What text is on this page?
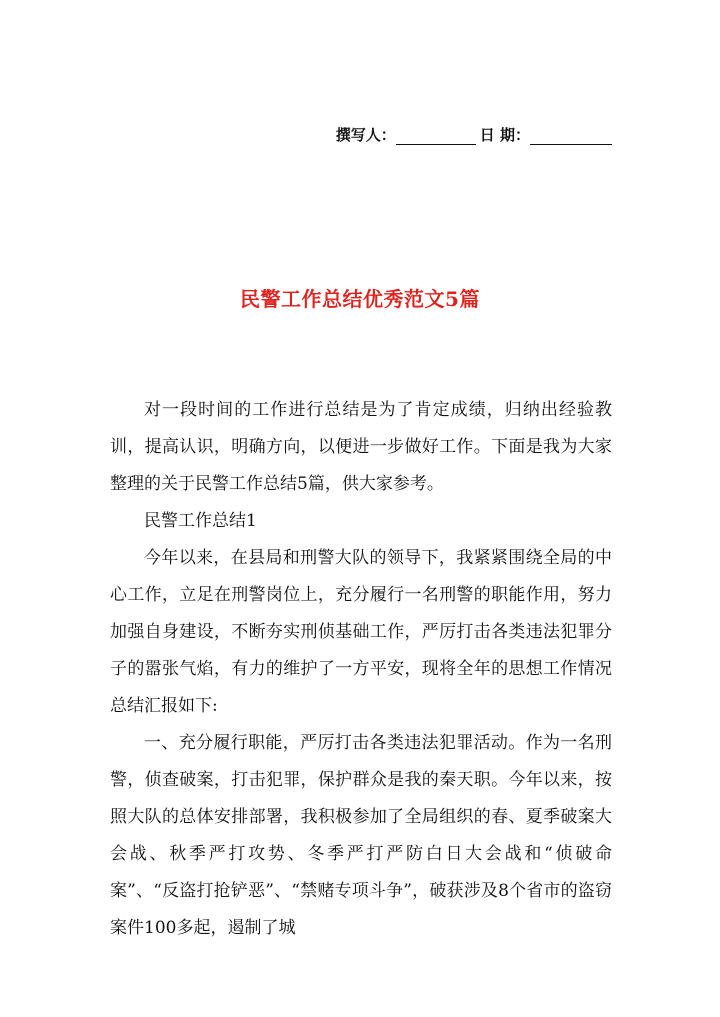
撰写人：	日 期：
民警工作总结优秀范文5篇

对一段时间的工作进行总结是为了肯定成绩，归纳出经验教训，提高认识，明确方向，以便进一步做好工作。下面是我为大家整理的关于民警工作总结5篇，供大家参考。

民警工作总结1

今年以来，在县局和刑警大队的领导下，我紧紧围绕全局的中心工作，立足在刑警岗位上，充分履行一名刑警的职能作用，努力加强自身建设，不断夯实刑侦基础工作，严厉打击各类违法犯罪分子的嚣张气焰，有力的维护了一方平安，现将全年的思想工作情况总结汇报如下:

一、充分履行职能，严厉打击各类违法犯罪活动。作为一名刑警，侦查破案，打击犯罪，保护群众是我的秦天职。今年以来，按照大队的总体安排部署，我积极参加了全局组织的春、夏季破案大会战、秋季严打攻势、冬季严打严防白日大会战和“侦破命案”、“反盗打抢铲恶”、“禁赌专项斗争”，破获涉及8个省市的盗窃案件100多起，遏制了城
